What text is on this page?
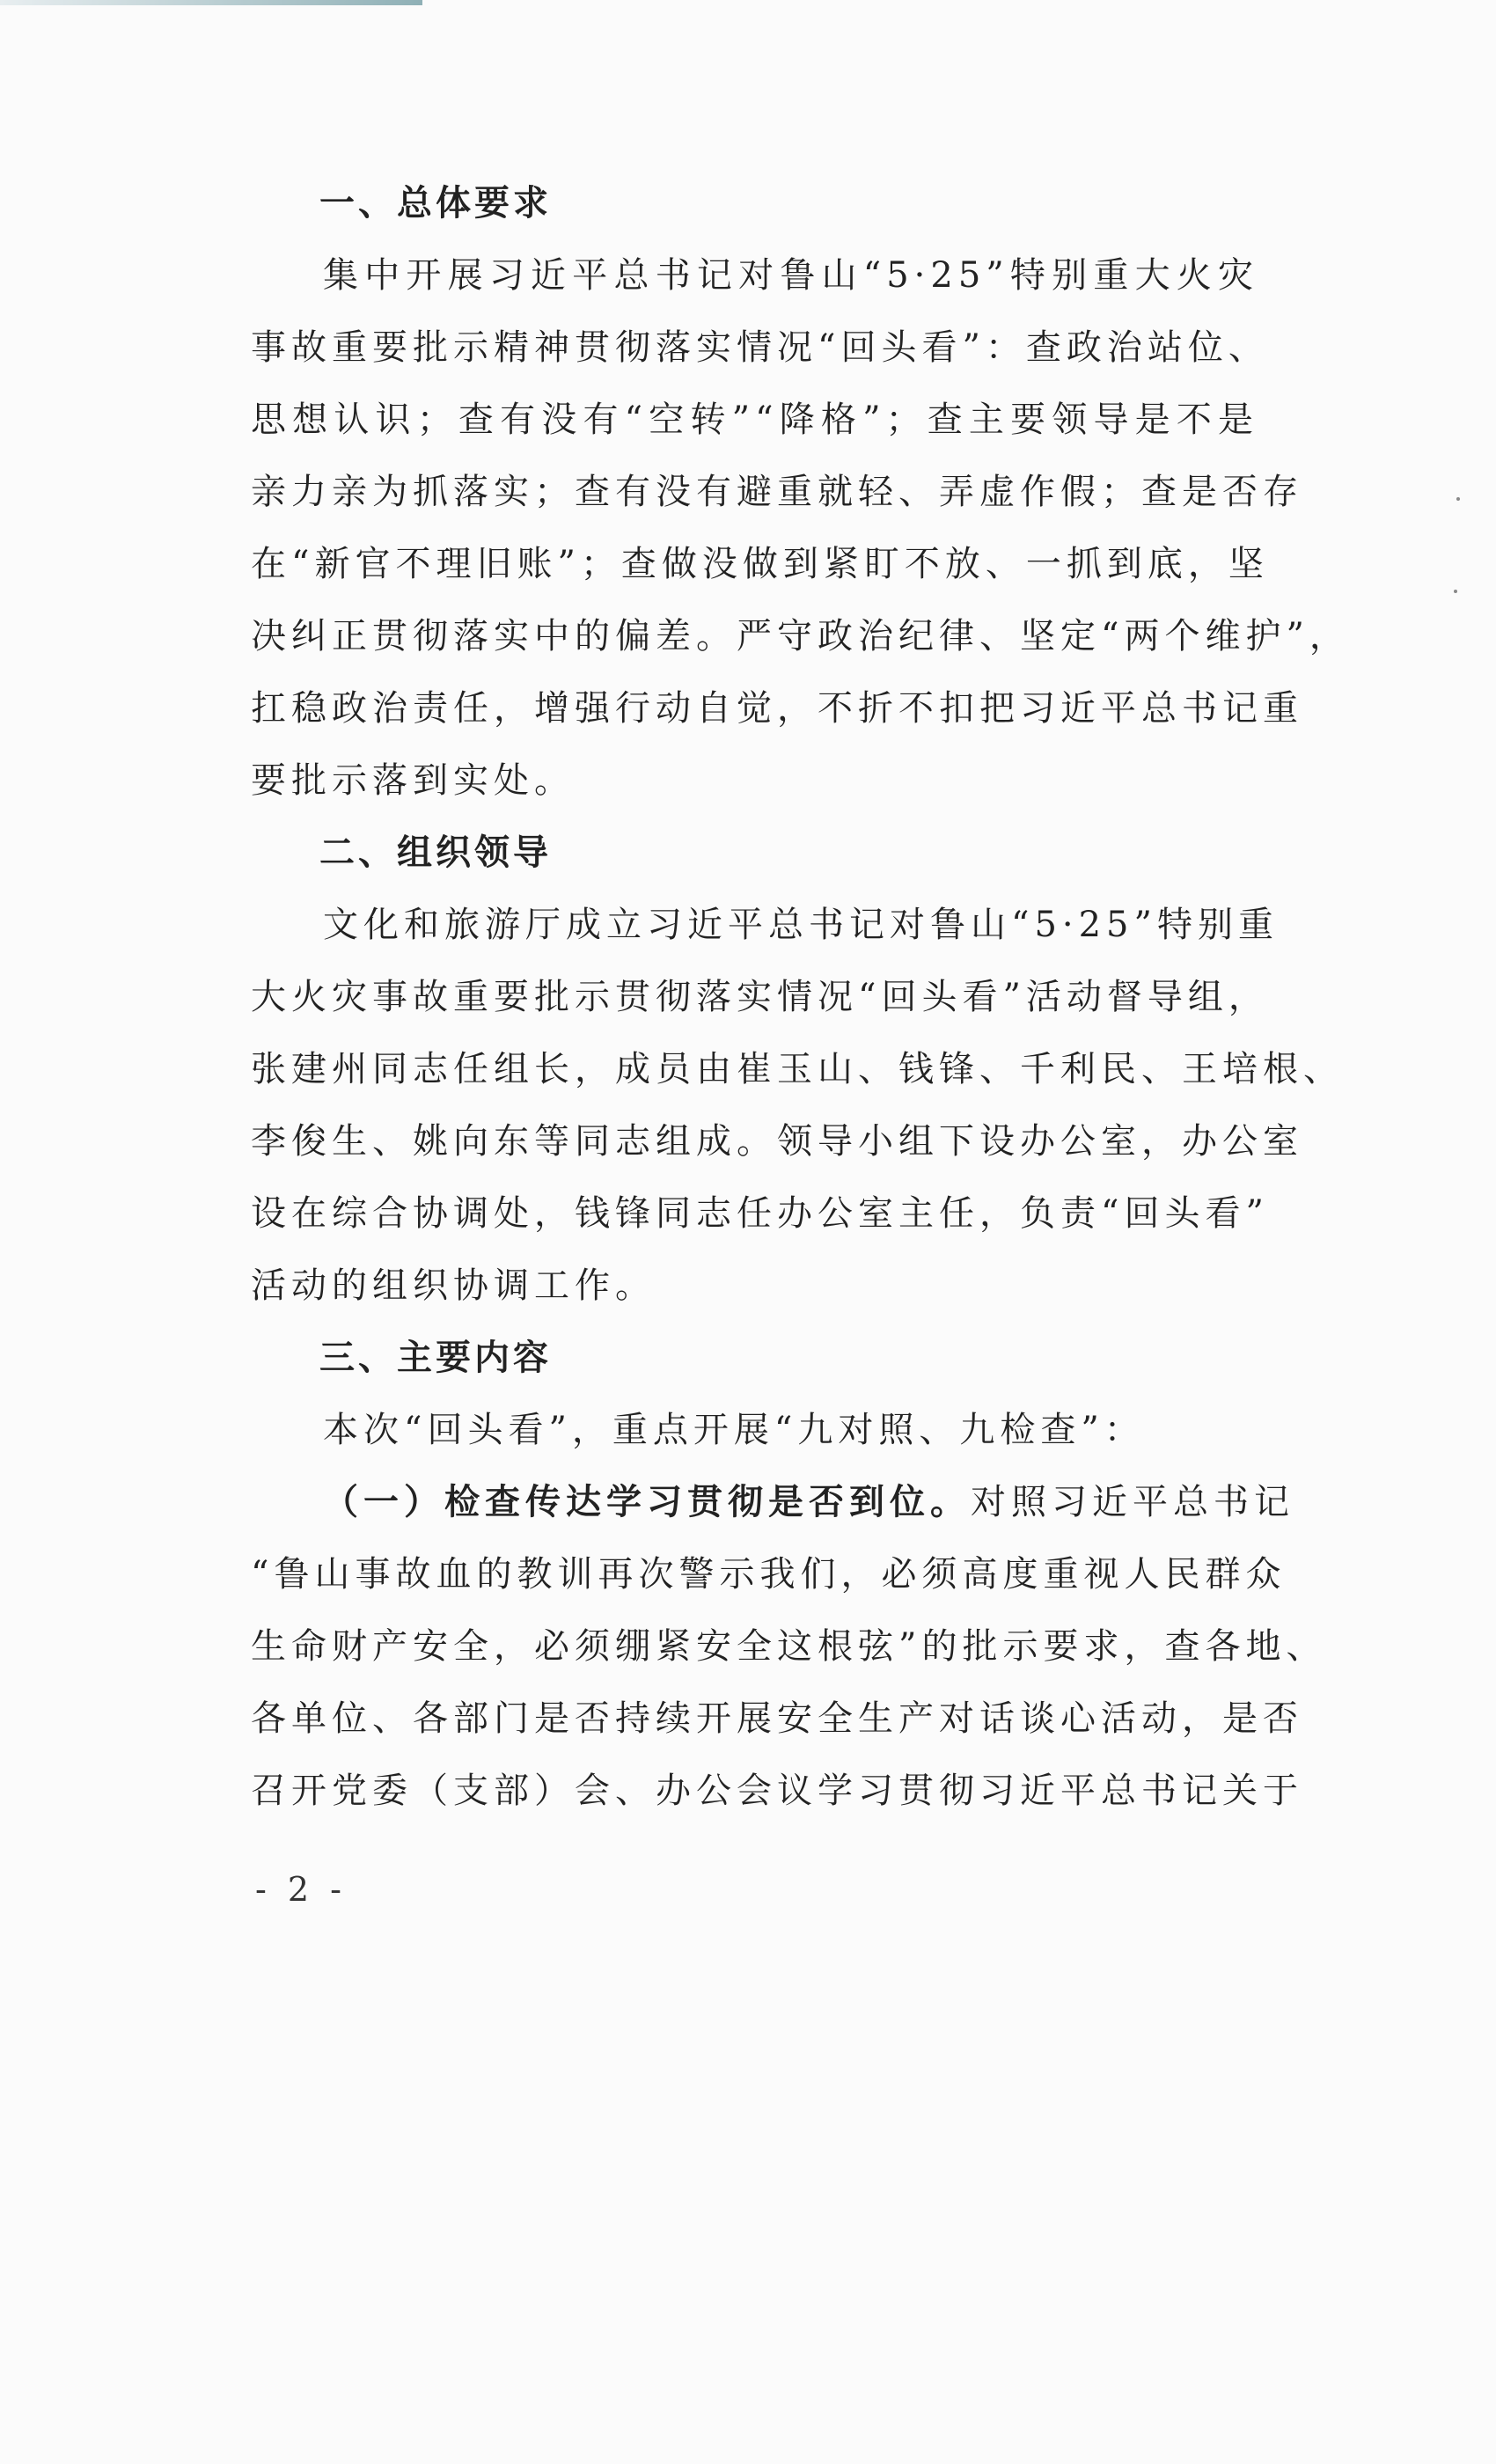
一、总体要求
集中开展习近平总书记对鲁山“5·25”特别重大火灾
事故重要批示精神贯彻落实情况“回头看”：查政治站位、
思想认识；查有没有“空转”“降格”；查主要领导是不是
亲力亲为抓落实；查有没有避重就轻、弄虚作假；查是否存
在“新官不理旧账”；查做没做到紧盯不放、一抓到底，坚
决纠正贯彻落实中的偏差。严守政治纪律、坚定“两个维护”，
扛稳政治责任，增强行动自觉，不折不扣把习近平总书记重
要批示落到实处。
二、组织领导
文化和旅游厅成立习近平总书记对鲁山“5·25”特别重
大火灾事故重要批示贯彻落实情况“回头看”活动督导组，
张建州同志任组长，成员由崔玉山、钱锋、千利民、王培根、
李俊生、姚向东等同志组成。领导小组下设办公室，办公室
设在综合协调处，钱锋同志任办公室主任，负责“回头看”
活动的组织协调工作。
三、主要内容
本次“回头看”，重点开展“九对照、九检查”：
（一）检查传达学习贯彻是否到位。对照习近平总书记
“鲁山事故血的教训再次警示我们，必须高度重视人民群众
生命财产安全，必须绷紧安全这根弦”的批示要求，查各地、
各单位、各部门是否持续开展安全生产对话谈心活动，是否
召开党委（支部）会、办公会议学习贯彻习近平总书记关于
- 2 -
